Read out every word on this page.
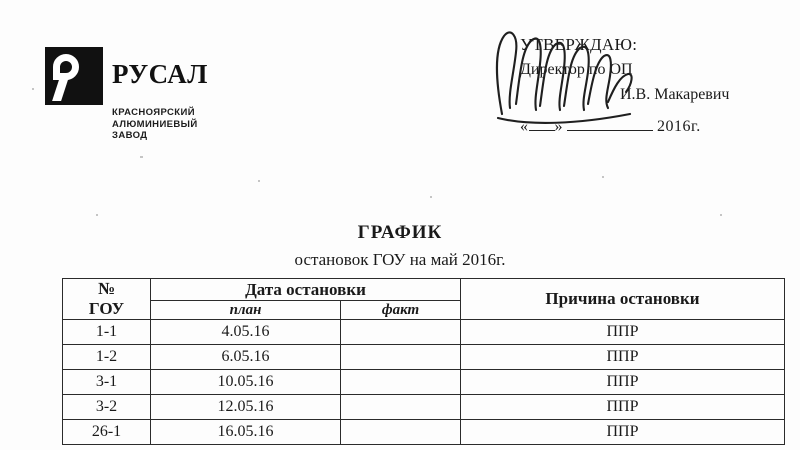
РУСАЛ
КРАСНОЯРСКИЙ
АЛЮМИНИЕВЫЙ
ЗАВОД
УТВЕРЖДАЮ:
Директор по ОП
И.В. Макаревич
« »	2016г.
ГРАФИК
остановок ГОУ на май 2016г.
№
ГОУ	Дата остановки		Причина остановки
	план	факт	
1-1	4.05.16		ППР
1-2	6.05.16		ППР
3-1	10.05.16		ППР
3-2	12.05.16		ППР
26-1	16.05.16		ППР
